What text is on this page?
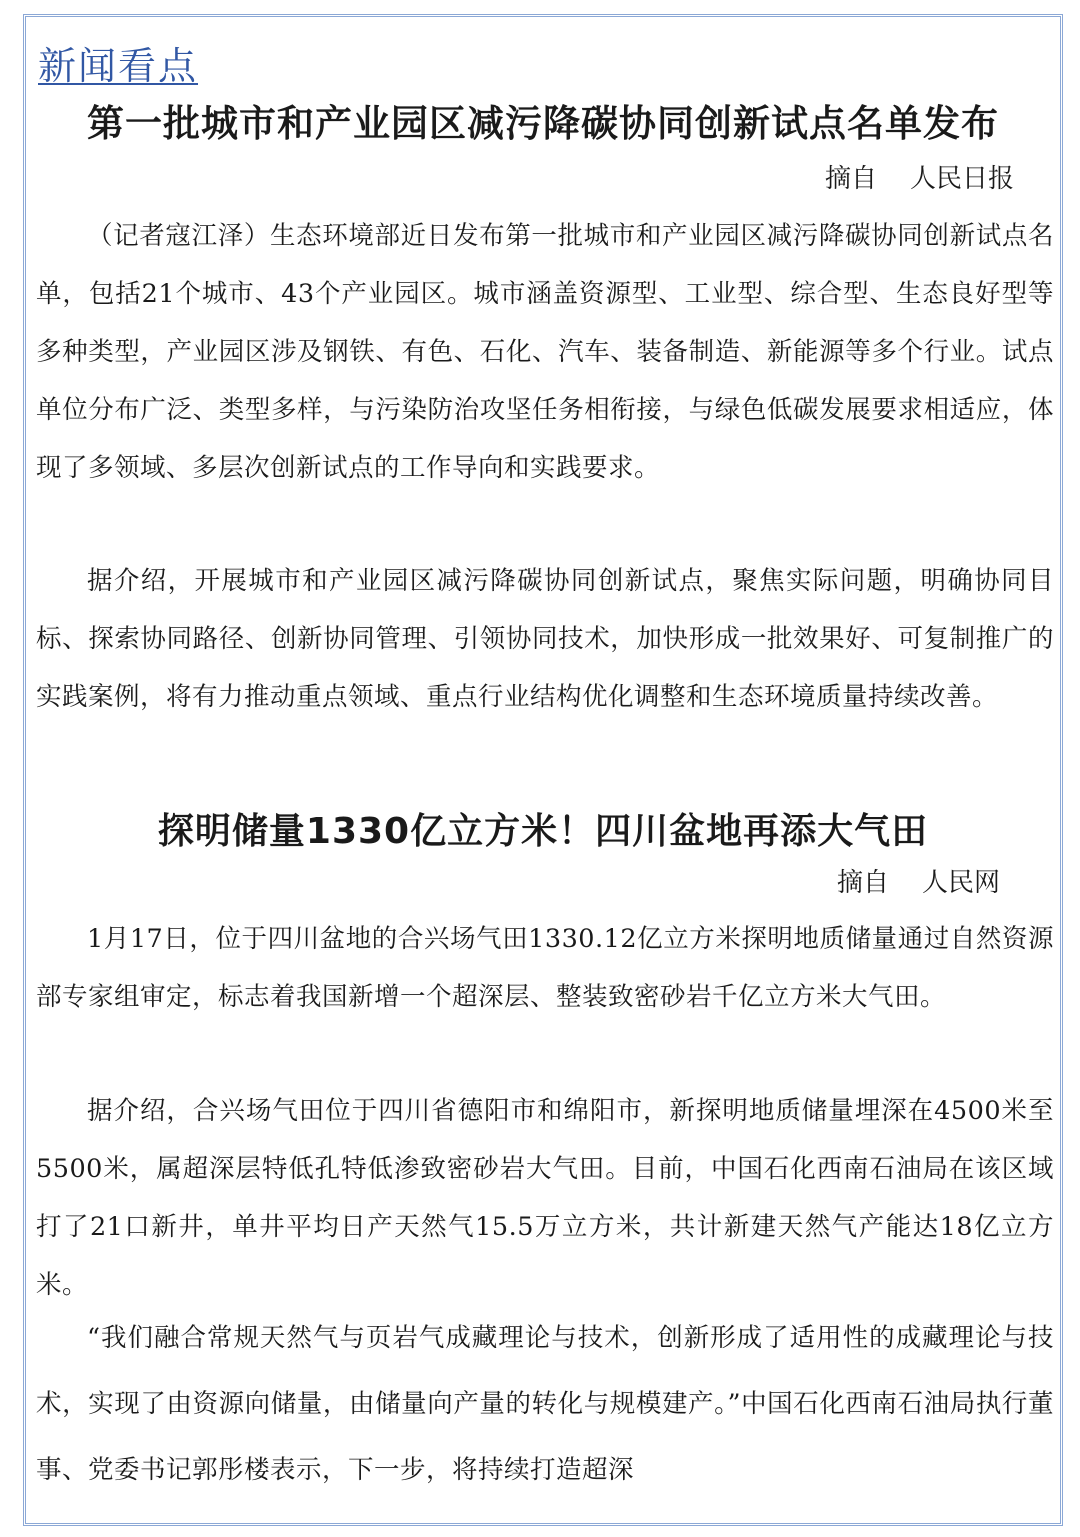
新闻看点
第一批城市和产业园区减污降碳协同创新试点名单发布

摘自    人民日报

（记者寇江泽）生态环境部近日发布第一批城市和产业园区减污降碳协同创新试点名单，包括21个城市、43个产业园区。城市涵盖资源型、工业型、综合型、生态良好型等多种类型，产业园区涉及钢铁、有色、石化、汽车、装备制造、新能源等多个行业。试点单位分布广泛、类型多样，与污染防治攻坚任务相衔接，与绿色低碳发展要求相适应，体现了多领域、多层次创新试点的工作导向和实践要求。

据介绍，开展城市和产业园区减污降碳协同创新试点，聚焦实际问题，明确协同目标、探索协同路径、创新协同管理、引领协同技术，加快形成一批效果好、可复制推广的实践案例，将有力推动重点领域、重点行业结构优化调整和生态环境质量持续改善。

探明储量1330亿立方米！四川盆地再添大气田

摘自    人民网

1月17日，位于四川盆地的合兴场气田1330.12亿立方米探明地质储量通过自然资源部专家组审定，标志着我国新增一个超深层、整装致密砂岩千亿立方米大气田。

据介绍，合兴场气田位于四川省德阳市和绵阳市，新探明地质储量埋深在4500米至5500米，属超深层特低孔特低渗致密砂岩大气田。目前，中国石化西南石油局在该区域打了21口新井，单井平均日产天然气15.5万立方米，共计新建天然气产能达18亿立方米。

“我们融合常规天然气与页岩气成藏理论与技术，创新形成了适用性的成藏理论与技术，实现了由资源向储量，由储量向产量的转化与规模建产。”中国石化西南石油局执行董事、党委书记郭彤楼表示，下一步，将持续打造超深
